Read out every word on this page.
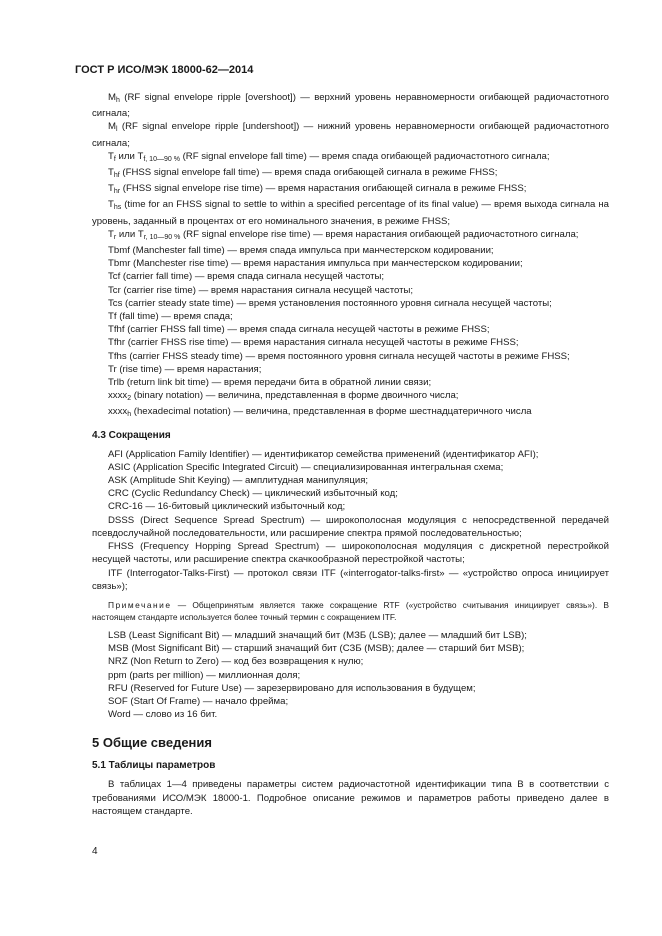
ГОСТ Р ИСО/МЭК 18000-62—2014

$M_h$ (RF signal envelope ripple [overshoot]) — верхний уровень неравномерности огибающей радиочастотного сигнала;

$M_l$ (RF signal envelope ripple [undershoot]) — нижний уровень неравномерности огибающей радиочастотного сигнала;

$T_f$ или $T_{f, 10—90 \%}$ (RF signal envelope fall time) — время спада огибающей радиочастотного сигнала;

$T_{hf}$ (FHSS signal envelope fall time) — время спада огибающей сигнала в режиме FHSS;

$T_{hr}$ (FHSS signal envelope rise time) — время нарастания огибающей сигнала в режиме FHSS;

$T_{hs}$ (time for an FHSS signal to settle to within a specified percentage of its final value) — время выхода сигнала на уровень, заданный в процентах от его номинального значения, в режиме FHSS;

$T_r$ или $T_{r, 10—90 \%}$ (RF signal envelope rise time) — время нарастания огибающей радиочастотного сигнала;

Tbmf (Manchester fall time) — время спада импульса при манчестерском кодировании;

Tbmr (Manchester rise time) — время нарастания импульса при манчестерском кодировании;

Tcf (carrier fall time) — время спада сигнала несущей частоты;

Tcr (carrier rise time) — время нарастания сигнала несущей частоты;

Tcs (carrier steady state time) — время установления постоянного уровня сигнала несущей частоты;

Tf (fall time) — время спада;

Tfhf (carrier FHSS fall time) — время спада сигнала несущей частоты в режиме FHSS;

Tfhr (carrier FHSS rise time) — время нарастания сигнала несущей частоты в режиме FHSS;

Tfhs (carrier FHSS steady time) — время постоянного уровня сигнала несущей частоты в режиме FHSS;

Tr (rise time) — время нарастания;

Trlb (return link bit time) — время передачи бита в обратной линии связи;

xxxx$_2$ (binary notation) — величина, представленная в форме двоичного числа;

xxxx$_h$ (hexadecimal notation) — величина, представленная в форме шестнадцатеричного числа

4.3 Сокращения

AFI (Application Family Identifier) — идентификатор семейства применений (идентификатор AFI);

ASIC (Application Specific Integrated Circuit) — специализированная интегральная схема;

ASK (Amplitude Shit Keying) — амплитудная манипуляция;

CRC (Cyclic Redundancy Check) — циклический избыточный код;

CRC-16 — 16-битовый циклический избыточный код;

DSSS (Direct Sequence Spread Spectrum) — широкополосная модуляция с непосредственной передачей псевдослучайной последовательности, или расширение спектра прямой последовательностью;

FHSS (Frequency Hopping Spread Spectrum) — широкополосная модуляция с дискретной перестройкой несущей частоты, или расширение спектра скачкообразной перестройкой частоты;

ITF (Interrogator-Talks-First) — протокол связи ITF («interrogator-talks-first» — «устройство опроса инициирует связь»);

Примечание — Общепринятым является также сокращение RTF («устройство считывания инициирует связь»). В настоящем стандарте используется более точный термин с сокращением ITF.

LSB (Least Significant Bit) — младший значащий бит (МЗБ (LSB); далее — младший бит LSB);

MSB (Most Significant Bit) — старший значащий бит (СЗБ (MSB); далее — старший бит MSB);

NRZ (Non Return to Zero) — код без возвращения к нулю;

ppm (parts per million) — миллионная доля;

RFU (Reserved for Future Use) — зарезервировано для использования в будущем;

SOF (Start Of Frame) — начало фрейма;

Word — слово из 16 бит.

5 Общие сведения

5.1 Таблицы параметров

В таблицах 1—4 приведены параметры систем радиочастотной идентификации типа В в соответствии с требованиями ИСО/МЭК 18000-1. Подробное описание режимов и параметров работы приведено далее в настоящем стандарте.

4
